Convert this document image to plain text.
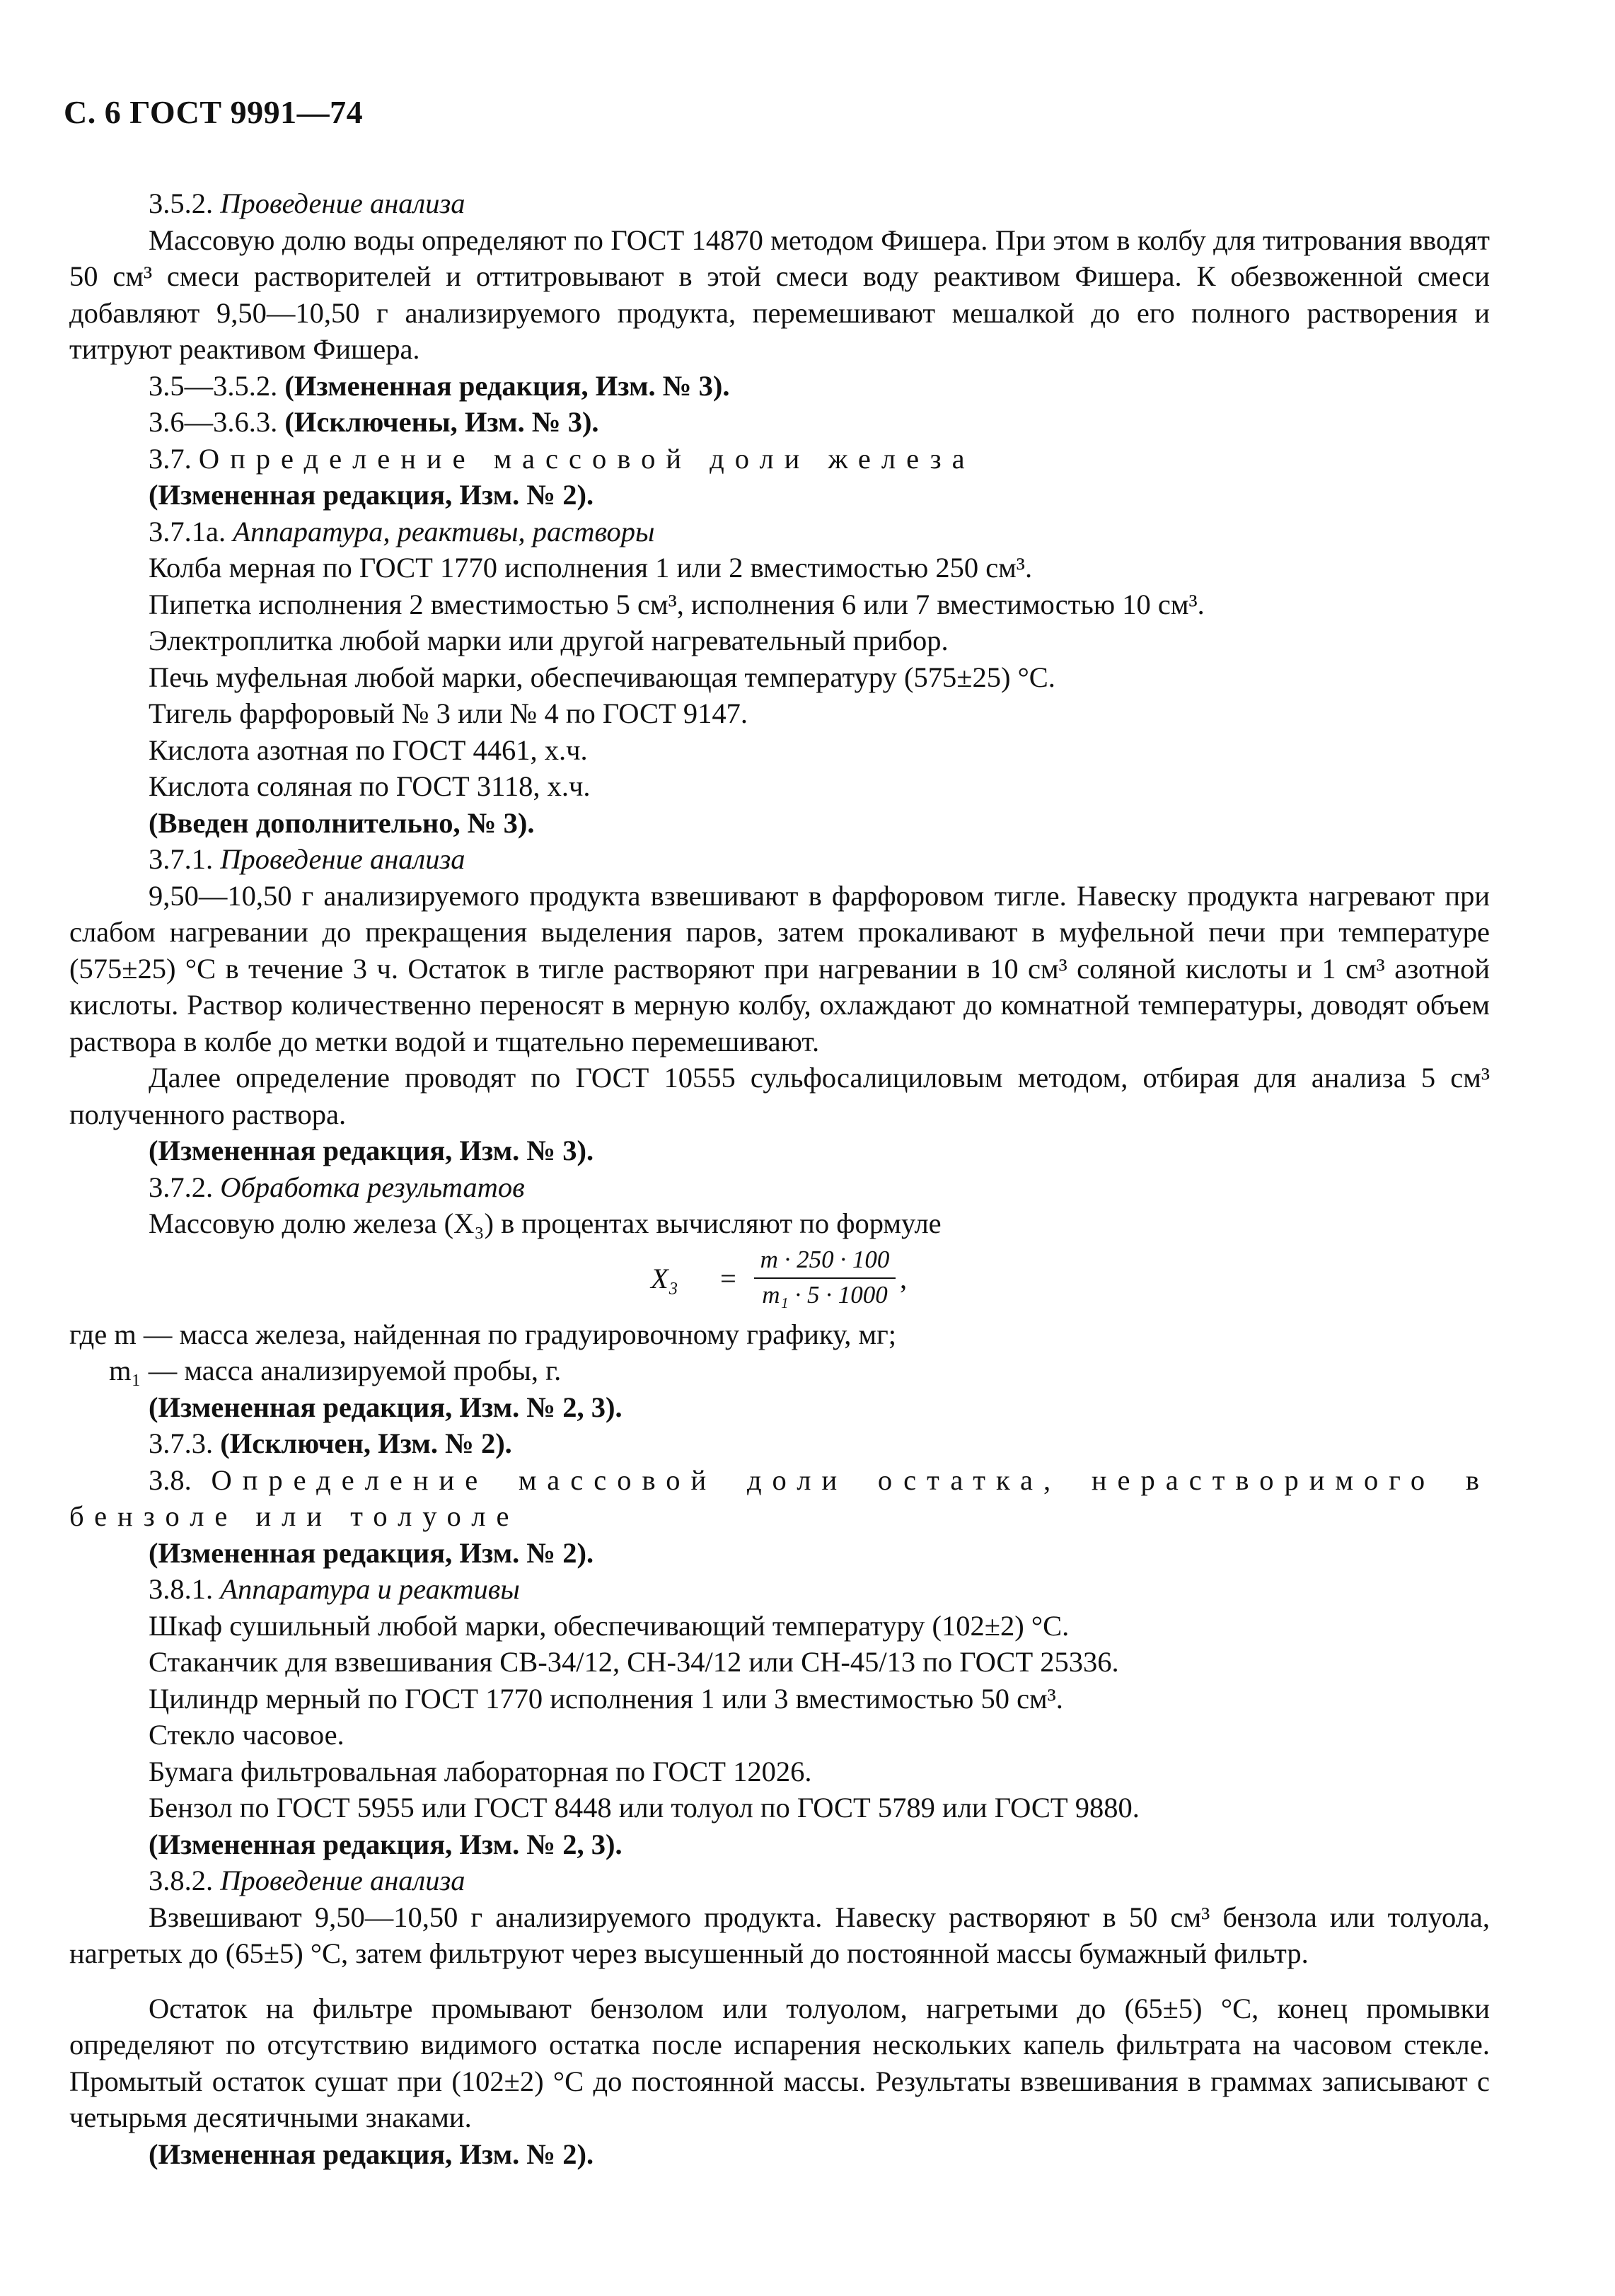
С. 6 ГОСТ 9991—74

3.5.2. Проведение анализа

Массовую долю воды определяют по ГОСТ 14870 методом Фишера. При этом в колбу для титрования вводят 50 см³ смеси растворителей и оттитровывают в этой смеси воду реактивом Фишера. К обезвоженной смеси добавляют 9,50—10,50 г анализируемого продукта, перемешивают мешалкой до его полного растворения и титруют реактивом Фишера.

3.5—3.5.2. (Измененная редакция, Изм. № 3).

3.6—3.6.3. (Исключены, Изм. № 3).

3.7. Определение массовой доли железа

(Измененная редакция, Изм. № 2).

3.7.1а. Аппаратура, реактивы, растворы

Колба мерная по ГОСТ 1770 исполнения 1 или 2 вместимостью 250 см³.

Пипетка исполнения 2 вместимостью 5 см³, исполнения 6 или 7 вместимостью 10 см³.

Электроплитка любой марки или другой нагревательный прибор.

Печь муфельная любой марки, обеспечивающая температуру (575±25) °С.

Тигель фарфоровый № 3 или № 4 по ГОСТ 9147.

Кислота азотная по ГОСТ 4461, х.ч.

Кислота соляная по ГОСТ 3118, х.ч.

(Введен дополнительно, № 3).

3.7.1. Проведение анализа

9,50—10,50 г анализируемого продукта взвешивают в фарфоровом тигле. Навеску продукта нагревают при слабом нагревании до прекращения выделения паров, затем прокаливают в муфельной печи при температуре (575±25) °С в течение 3 ч. Остаток в тигле растворяют при нагревании в 10 см³ соляной кислоты и 1 см³ азотной кислоты. Раствор количественно переносят в мерную колбу, охлаждают до комнатной температуры, доводят объем раствора в колбе до метки водой и тщательно перемешивают.

Далее определение проводят по ГОСТ 10555 сульфосалициловым методом, отбирая для анализа 5 см³ полученного раствора.

(Измененная редакция, Изм. № 3).

3.7.2. Обработка результатов

Массовую долю железа (X₃) в процентах вычисляют по формуле

$X_3 = \frac{m \cdot 250 \cdot 100}{\text{m₁ · 5 · 1000}}$ ,

где m — масса железа, найденная по градуировочному графику, мг;

m₁ — масса анализируемой пробы, г.

(Измененная редакция, Изм. № 2, 3).

3.7.3. (Исключен, Изм. № 2).

3.8. Определение массовой доли остатка, нерастворимого в бензоле или толуоле

(Измененная редакция, Изм. № 2).

3.8.1. Аппаратура и реактивы

Шкаф сушильный любой марки, обеспечивающий температуру (102±2) °С.

Стаканчик для взвешивания СВ-34/12, СН-34/12 или СН-45/13 по ГОСТ 25336.

Цилиндр мерный по ГОСТ 1770 исполнения 1 или 3 вместимостью 50 см³.

Стекло часовое.

Бумага фильтровальная лабораторная по ГОСТ 12026.

Бензол по ГОСТ 5955 или ГОСТ 8448 или толуол по ГОСТ 5789 или ГОСТ 9880.

(Измененная редакция, Изм. № 2, 3).

3.8.2. Проведение анализа

Взвешивают 9,50—10,50 г анализируемого продукта. Навеску растворяют в 50 см³ бензола или толуола, нагретых до (65±5) °С, затем фильтруют через высушенный до постоянной массы бумажный фильтр.

Остаток на фильтре промывают бензолом или толуолом, нагретыми до (65±5) °С, конец промывки определяют по отсутствию видимого остатка после испарения нескольких капель фильтрата на часовом стекле. Промытый остаток сушат при (102±2) °С до постоянной массы. Результаты взвешивания в граммах записывают с четырьмя десятичными знаками.

(Измененная редакция, Изм. № 2).
